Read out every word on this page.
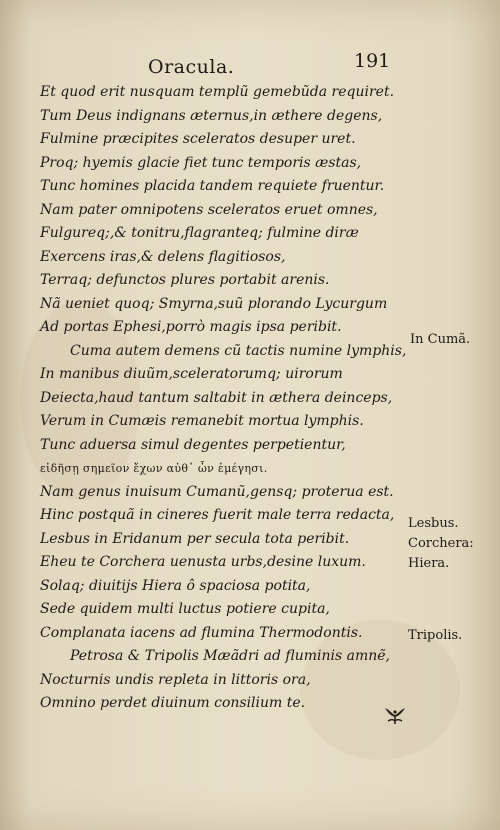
Oracula.	191
Et quod erit nusquam templũ gemebũda requiret.
Tum Deus indignans æternus,in æthere degens,
Fulmine præcipites sceleratos desuper uret.
Proq; hyemis glacie fiet tunc temporis æstas,
Tunc homines placida tandem requiete fruentur.
Nam pater omnipotens sceleratos eruet omnes,
Fulgureq;,& tonitru,flagranteq; fulmine diræ
Exercens iras,& delens flagitiosos,
Terraq; defunctos plures portabit arenis.
Nã ueniet quoq; Smyrna,suũ plorando Lycurgum
Ad portas Ephesi,porrò magis ipsa peribit.
Cuma autem demens cũ tactis numine lymphis,
In manibus diuũm,sceleratorumq; uirorum
Deiecta,haud tantum saltabit in æthera deinceps,
Verum in Cumæis remanebit mortua lymphis.
Tunc aduersa simul degentes perpetientur,
εἰδῆσῃ σημεῖον ἔχων αὐθ᾽ ὧν ἐμέγησι.
Nam genus inuisum Cumanũ,gensq; proterua est.
Hinc postquã in cineres fuerit male terra redacta,
Lesbus in Eridanum per secula tota peribit.
Eheu te Corchera uenusta urbs,desine luxum.
Solaq; diuitijs Hiera ô spaciosa potita,
Sede quidem multi luctus potiere cupita,
Complanata iacens ad flumina Thermodontis.
Petrosa & Tripolis Mæãdri ad fluminis amnẽ,
Nocturnis undis repleta in littoris ora,
Omnino perdet diuinum consilium te.
In Cumã.
Lesbus.
Corchera:
Hiera.
Tripolis.
